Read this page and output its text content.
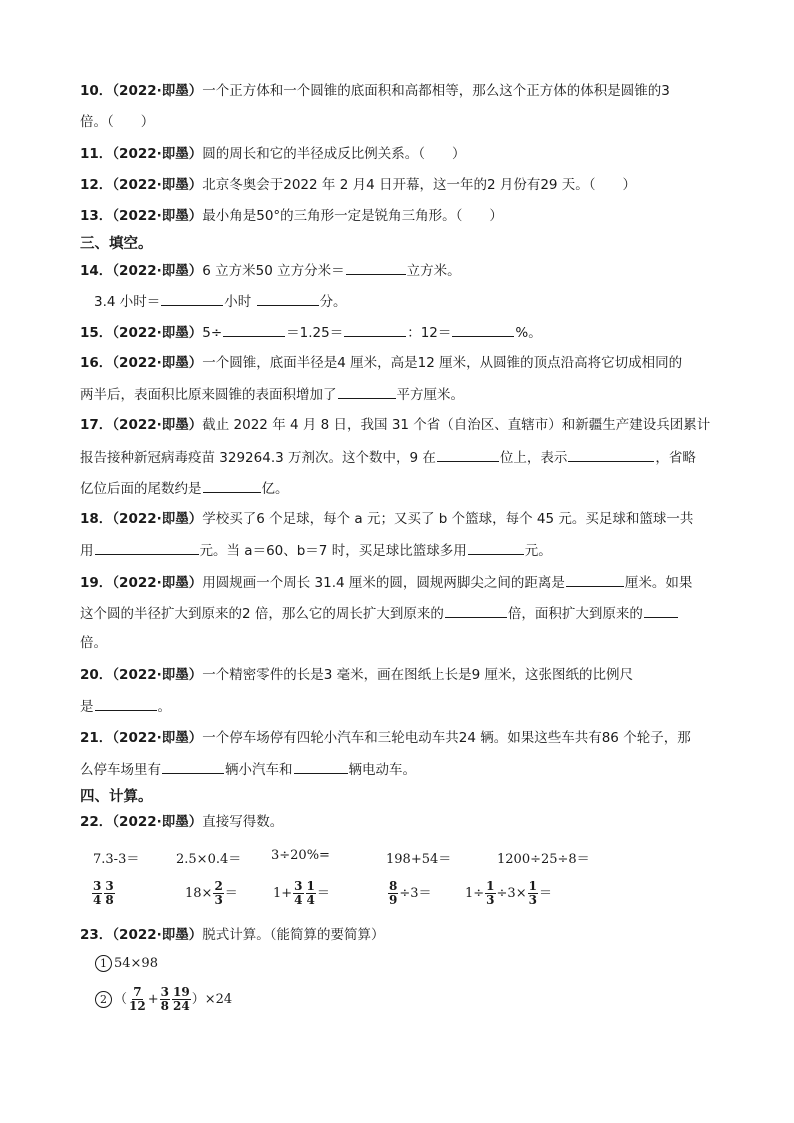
10．（2022·即墨）一个正方体和一个圆锥的底面积和高都相等，那么这个正方体的体积是圆锥的3
倍。（　　）
11．（2022·即墨）圆的周长和它的半径成反比例关系。（　　）
12．（2022·即墨）北京冬奥会于2022 年 2 月4 日开幕，这一年的2 月份有29 天。（　　）
13．（2022·即墨）最小角是50°的三角形一定是锐角三角形。（　　）
三、填空。
14．（2022·即墨）6 立方米50 立方分米＝	立方米。
3.4 小时＝	小时	分。
15．（2022·即墨）5÷	＝1.25＝	：12＝	%。
16．（2022·即墨）一个圆锥，底面半径是4 厘米，高是12 厘米，从圆锥的顶点沿高将它切成相同的
两半后，表面积比原来圆锥的表面积增加了	平方厘米。
17．（2022·即墨）截止 2022 年 4 月 8 日，我国 31 个省（自治区、直辖市）和新疆生产建设兵团累计
报告接种新冠病毒疫苗 329264.3 万剂次。这个数中，9 在	位上，表示	，省略
亿位后面的尾数约是	亿。
18．（2022·即墨）学校买了6 个足球，每个 a 元；又买了 b 个篮球，每个 45 元。买足球和篮球一共
用	元。当 a＝60、b＝7 时，买足球比篮球多用	元。
19．（2022·即墨）用圆规画一个周长 31.4 厘米的圆，圆规两脚尖之间的距离是	厘米。如果
这个圆的半径扩大到原来的2 倍，那么它的周长扩大到原来的	倍，面积扩大到原来的
倍。
20．（2022·即墨）一个精密零件的长是3 毫米，画在图纸上长是9 厘米，这张图纸的比例尺
是	。
21．（2022·即墨）一个停车场停有四轮小汽车和三轮电动车共24 辆。如果这些车共有86 个轮子，那
么停车场里有	辆小汽车和	辆电动车。
四、计算。
22．（2022·即墨）直接写得数。
7.3-3＝	2.5×0.4＝ 3÷20%=	198+54＝	1200÷25÷8＝
$\frac{3}{4} \frac{3}{8}$	$18\times \frac{2}{3}$ ＝	$1+ \frac{3}{4} \frac{1}{4}$ ＝	$\frac{8}{9} \div 3=$	$1\div \frac{1}{3} \div 3\times \frac{1}{3}$ ＝
23．（2022·即墨）脱式计算。（能简算的要简算）
1 54×98
2 （ $\frac{7}{12} + \frac{3}{8} \frac{19}{24} )\times 24$
